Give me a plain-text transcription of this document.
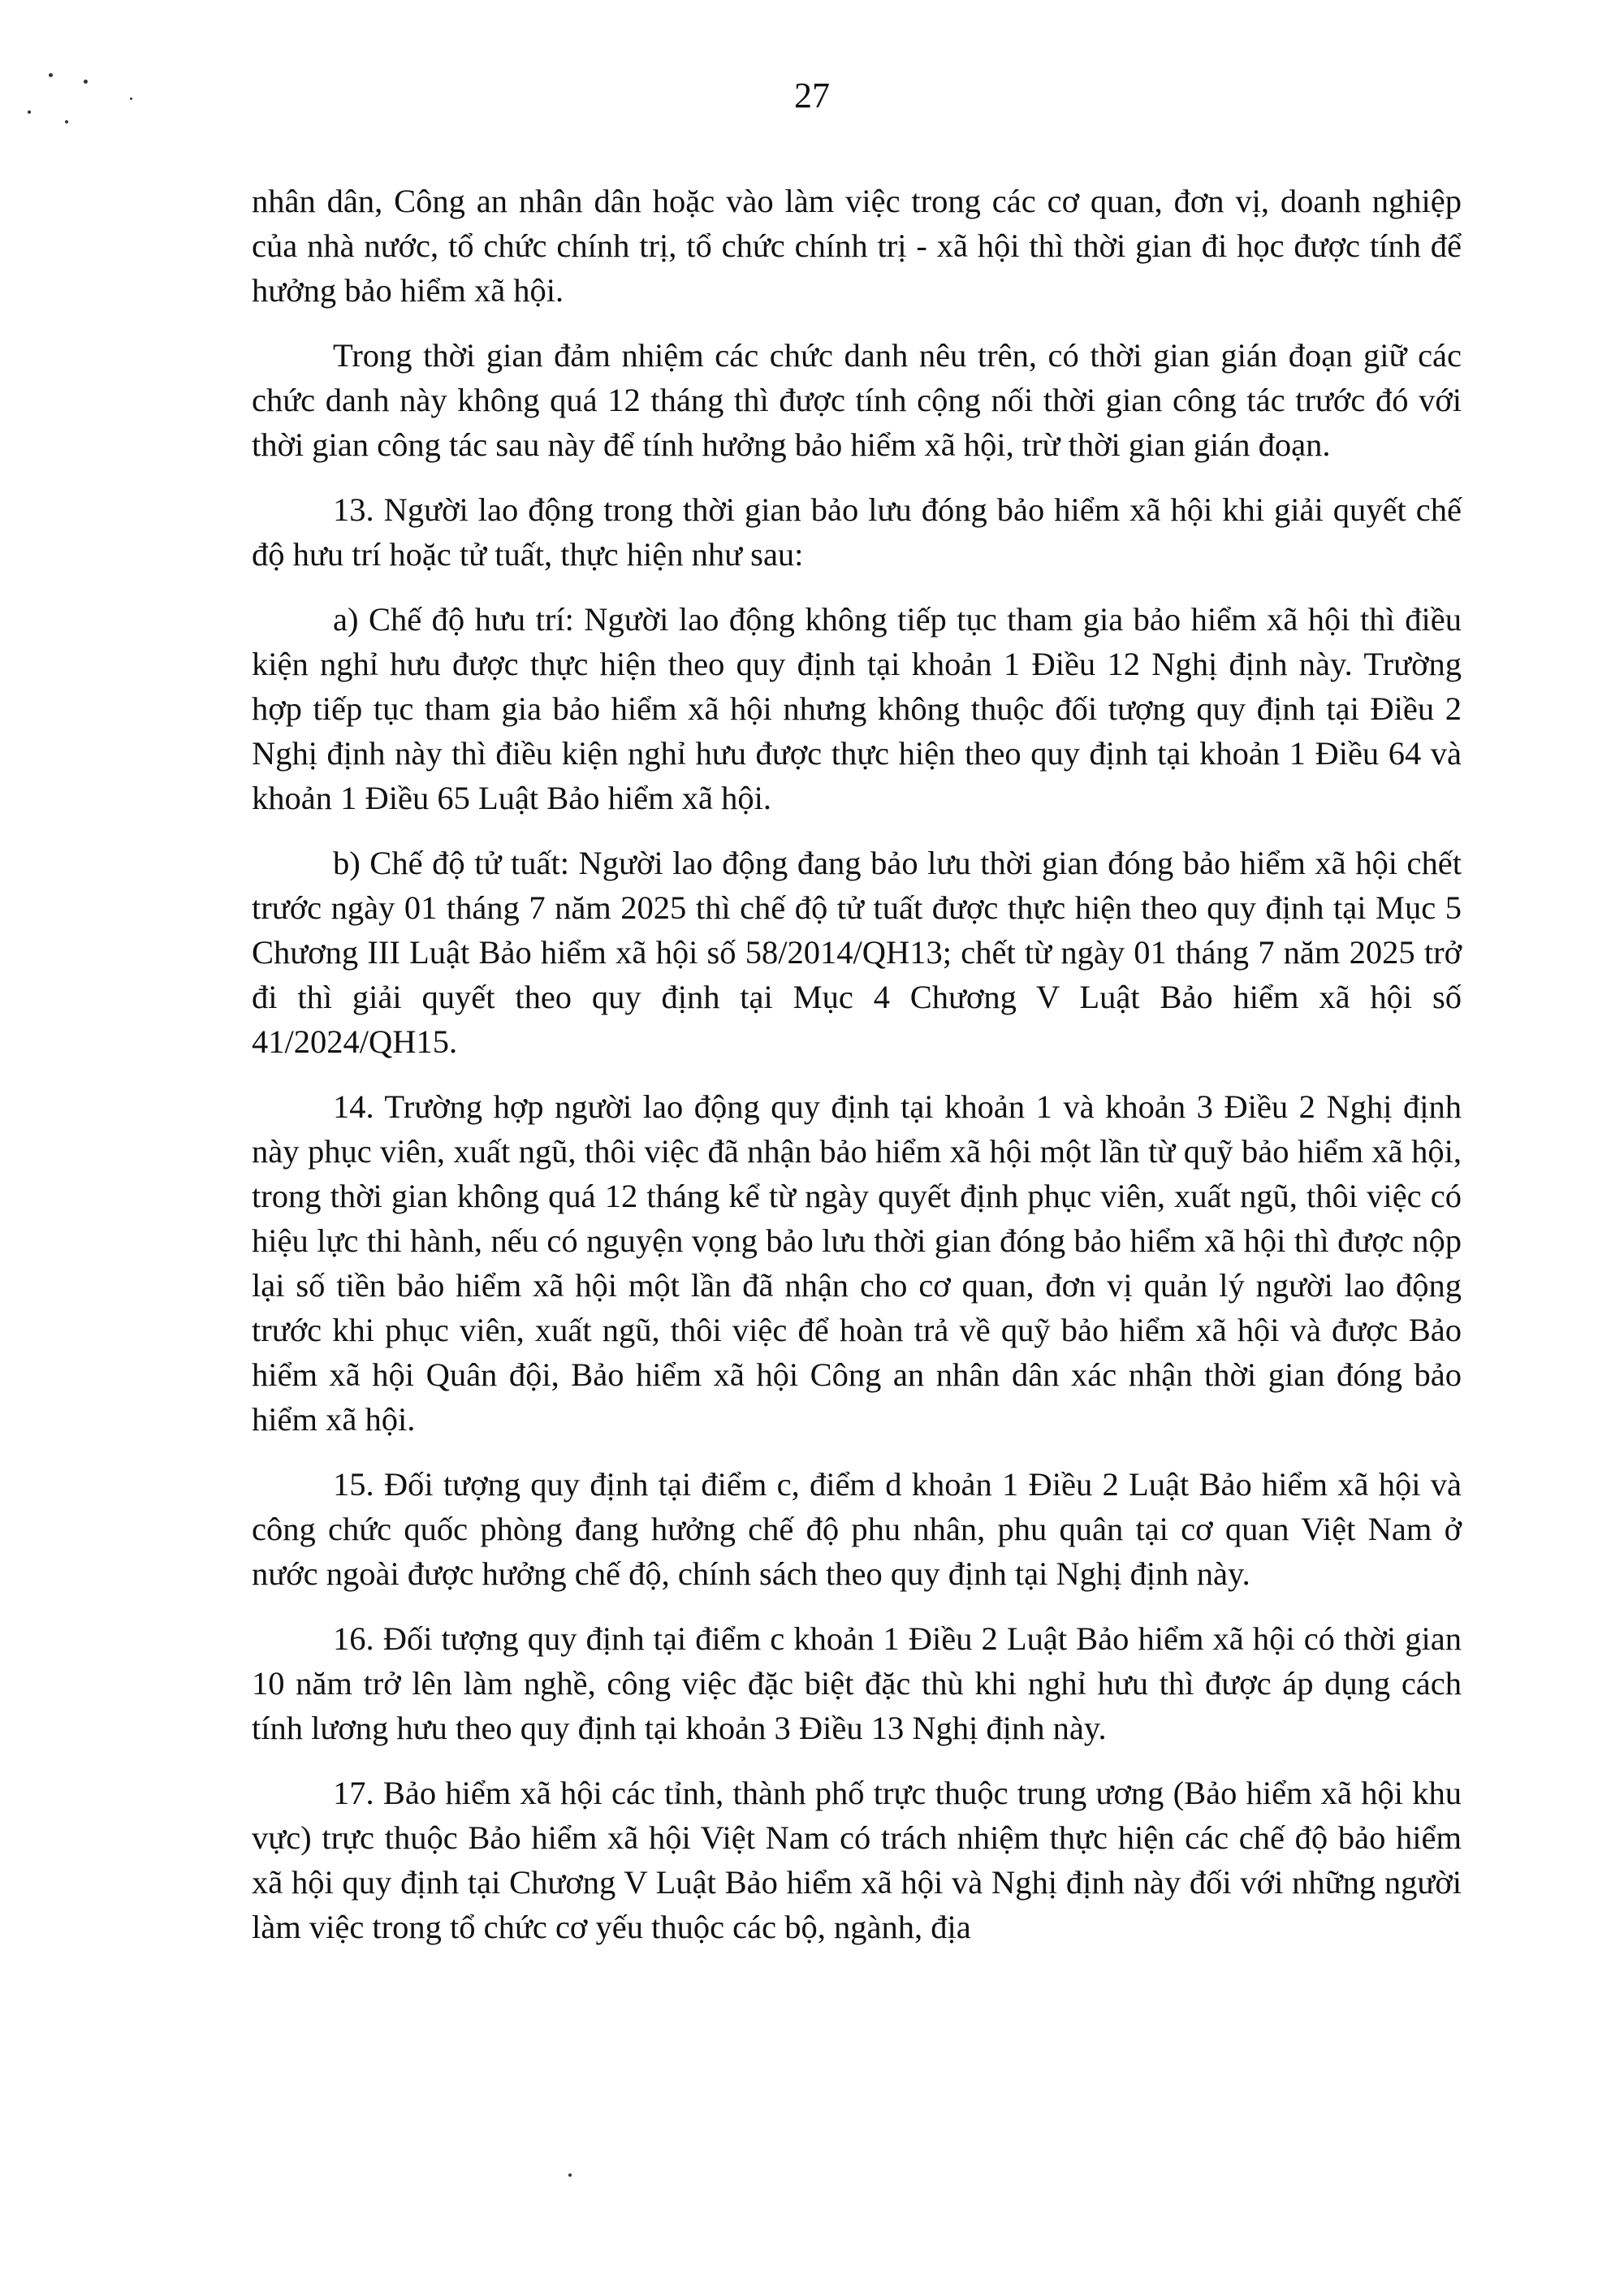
27

nhân dân, Công an nhân dân hoặc vào làm việc trong các cơ quan, đơn vị, doanh nghiệp của nhà nước, tổ chức chính trị, tổ chức chính trị - xã hội thì thời gian đi học được tính để hưởng bảo hiểm xã hội.

Trong thời gian đảm nhiệm các chức danh nêu trên, có thời gian gián đoạn giữ các chức danh này không quá 12 tháng thì được tính cộng nối thời gian công tác trước đó với thời gian công tác sau này để tính hưởng bảo hiểm xã hội, trừ thời gian gián đoạn.

13. Người lao động trong thời gian bảo lưu đóng bảo hiểm xã hội khi giải quyết chế độ hưu trí hoặc tử tuất, thực hiện như sau:

a) Chế độ hưu trí: Người lao động không tiếp tục tham gia bảo hiểm xã hội thì điều kiện nghỉ hưu được thực hiện theo quy định tại khoản 1 Điều 12 Nghị định này. Trường hợp tiếp tục tham gia bảo hiểm xã hội nhưng không thuộc đối tượng quy định tại Điều 2 Nghị định này thì điều kiện nghỉ hưu được thực hiện theo quy định tại khoản 1 Điều 64 và khoản 1 Điều 65 Luật Bảo hiểm xã hội.

b) Chế độ tử tuất: Người lao động đang bảo lưu thời gian đóng bảo hiểm xã hội chết trước ngày 01 tháng 7 năm 2025 thì chế độ tử tuất được thực hiện theo quy định tại Mục 5 Chương III Luật Bảo hiểm xã hội số 58/2014/QH13; chết từ ngày 01 tháng 7 năm 2025 trở đi thì giải quyết theo quy định tại Mục 4 Chương V Luật Bảo hiểm xã hội số 41/2024/QH15.

14. Trường hợp người lao động quy định tại khoản 1 và khoản 3 Điều 2 Nghị định này phục viên, xuất ngũ, thôi việc đã nhận bảo hiểm xã hội một lần từ quỹ bảo hiểm xã hội, trong thời gian không quá 12 tháng kể từ ngày quyết định phục viên, xuất ngũ, thôi việc có hiệu lực thi hành, nếu có nguyện vọng bảo lưu thời gian đóng bảo hiểm xã hội thì được nộp lại số tiền bảo hiểm xã hội một lần đã nhận cho cơ quan, đơn vị quản lý người lao động trước khi phục viên, xuất ngũ, thôi việc để hoàn trả về quỹ bảo hiểm xã hội và được Bảo hiểm xã hội Quân đội, Bảo hiểm xã hội Công an nhân dân xác nhận thời gian đóng bảo hiểm xã hội.

15. Đối tượng quy định tại điểm c, điểm d khoản 1 Điều 2 Luật Bảo hiểm xã hội và công chức quốc phòng đang hưởng chế độ phu nhân, phu quân tại cơ quan Việt Nam ở nước ngoài được hưởng chế độ, chính sách theo quy định tại Nghị định này.

16. Đối tượng quy định tại điểm c khoản 1 Điều 2 Luật Bảo hiểm xã hội có thời gian 10 năm trở lên làm nghề, công việc đặc biệt đặc thù khi nghỉ hưu thì được áp dụng cách tính lương hưu theo quy định tại khoản 3 Điều 13 Nghị định này.

17. Bảo hiểm xã hội các tỉnh, thành phố trực thuộc trung ương (Bảo hiểm xã hội khu vực) trực thuộc Bảo hiểm xã hội Việt Nam có trách nhiệm thực hiện các chế độ bảo hiểm xã hội quy định tại Chương V Luật Bảo hiểm xã hội và Nghị định này đối với những người làm việc trong tổ chức cơ yếu thuộc các bộ, ngành, địa
